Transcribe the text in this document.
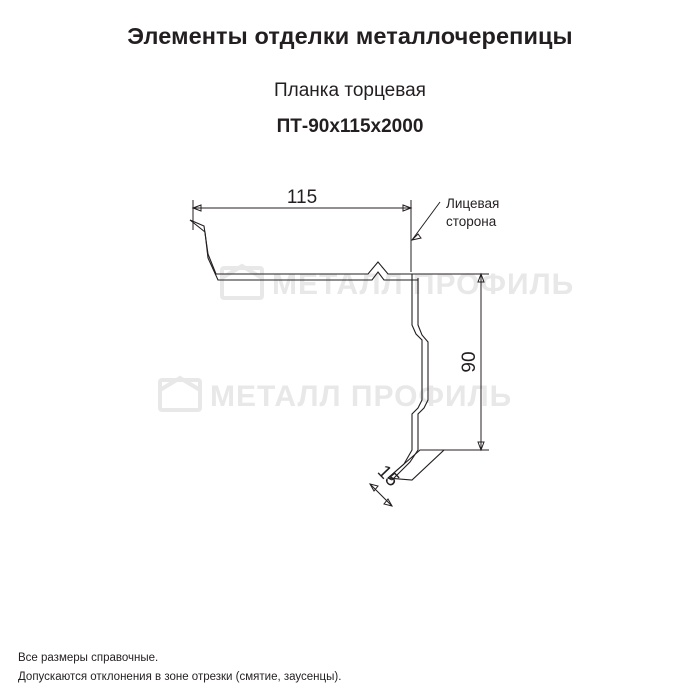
МЕТАЛЛ ПРОФИЛЬ
МЕТАЛЛ ПРОФИЛЬ
Элементы отделки металлочерепицы
Планка торцевая
ПТ-90х115х2000
115
90
15
Лицевая
сторона
Все размеры справочные.
Допускаются отклонения в зоне отрезки (смятие, заусенцы).
